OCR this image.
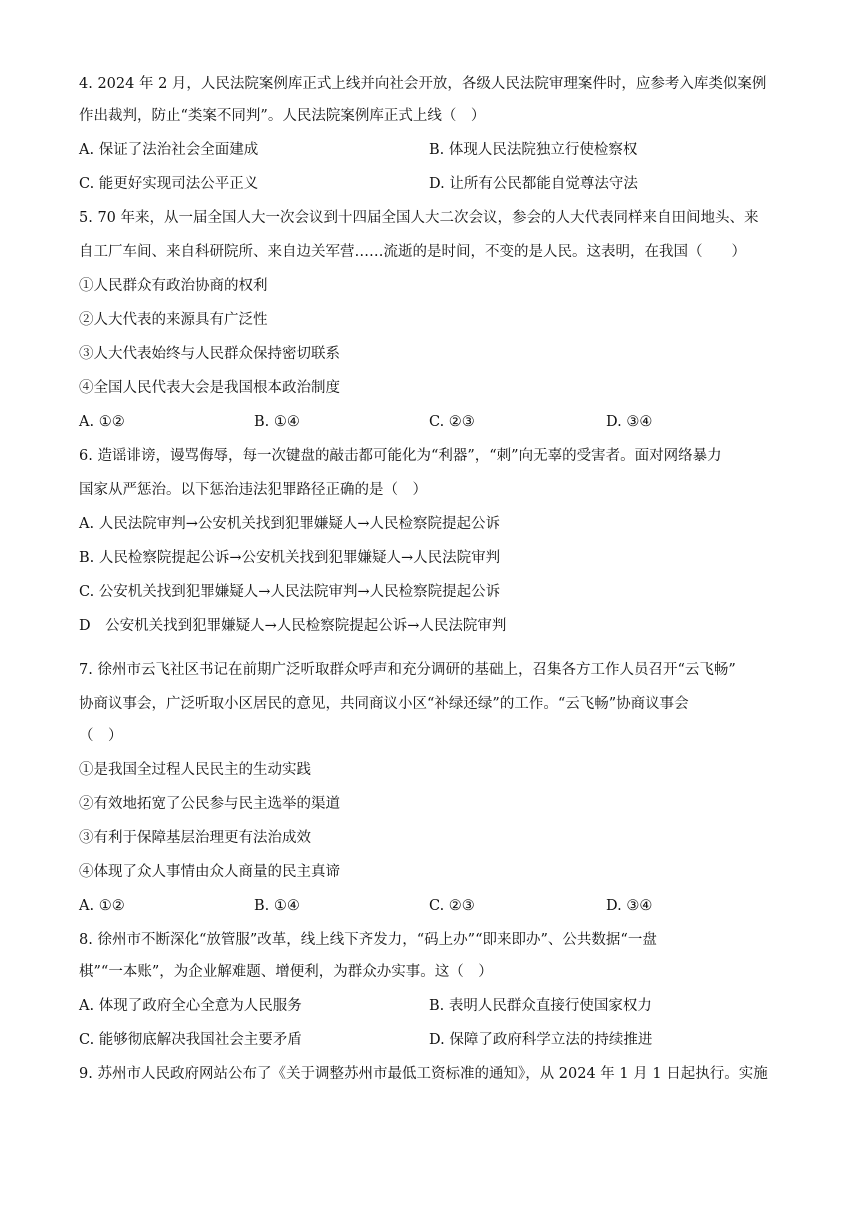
4. 2024 年 2 月，人民法院案例库正式上线并向社会开放，各级人民法院审理案件时，应参考入库类似案例
作出裁判，防止“类案不同判”。人民法院案例库正式上线（　）
A. 保证了法治社会全面建成	B. 体现人民法院独立行使检察权
C. 能更好实现司法公平正义	D. 让所有公民都能自觉尊法守法
5. 70 年来，从一届全国人大一次会议到十四届全国人大二次会议，参会的人大代表同样来自田间地头、来
自工厂车间、来自科研院所、来自边关军营……流逝的是时间，不变的是人民。这表明，在我国（　　）
①人民群众有政治协商的权利
②人大代表的来源具有广泛性
③人大代表始终与人民群众保持密切联系
④全国人民代表大会是我国根本政治制度
A. ①②	B. ①④	C. ②③	D. ③④
6. 造谣诽谤，谩骂侮辱，每一次键盘的敲击都可能化为“利器”，“刺”向无辜的受害者。面对网络暴力
国家从严惩治。以下惩治违法犯罪路径正确的是（　）
A. 人民法院审判→公安机关找到犯罪嫌疑人→人民检察院提起公诉
B. 人民检察院提起公诉→公安机关找到犯罪嫌疑人→人民法院审判
C. 公安机关找到犯罪嫌疑人→人民法院审判→人民检察院提起公诉
D　公安机关找到犯罪嫌疑人→人民检察院提起公诉→人民法院审判
7. 徐州市云飞社区书记在前期广泛听取群众呼声和充分调研的基础上，召集各方工作人员召开“云飞畅”
协商议事会，广泛听取小区居民的意见，共同商议小区“补绿还绿”的工作。“云飞畅”协商议事会
（　）
①是我国全过程人民民主的生动实践
②有效地拓宽了公民参与民主选举的渠道
③有利于保障基层治理更有法治成效
④体现了众人事情由众人商量的民主真谛
A. ①②	B. ①④	C. ②③	D. ③④
8. 徐州市不断深化“放管服”改革，线上线下齐发力，“码上办”“即来即办”、公共数据“一盘
棋”“一本账”，为企业解难题、增便利，为群众办实事。这（　）
A. 体现了政府全心全意为人民服务	B. 表明人民群众直接行使国家权力
C. 能够彻底解决我国社会主要矛盾	D. 保障了政府科学立法的持续推进
9. 苏州市人民政府网站公布了《关于调整苏州市最低工资标准的通知》，从 2024 年 1 月 1 日起执行。实施
